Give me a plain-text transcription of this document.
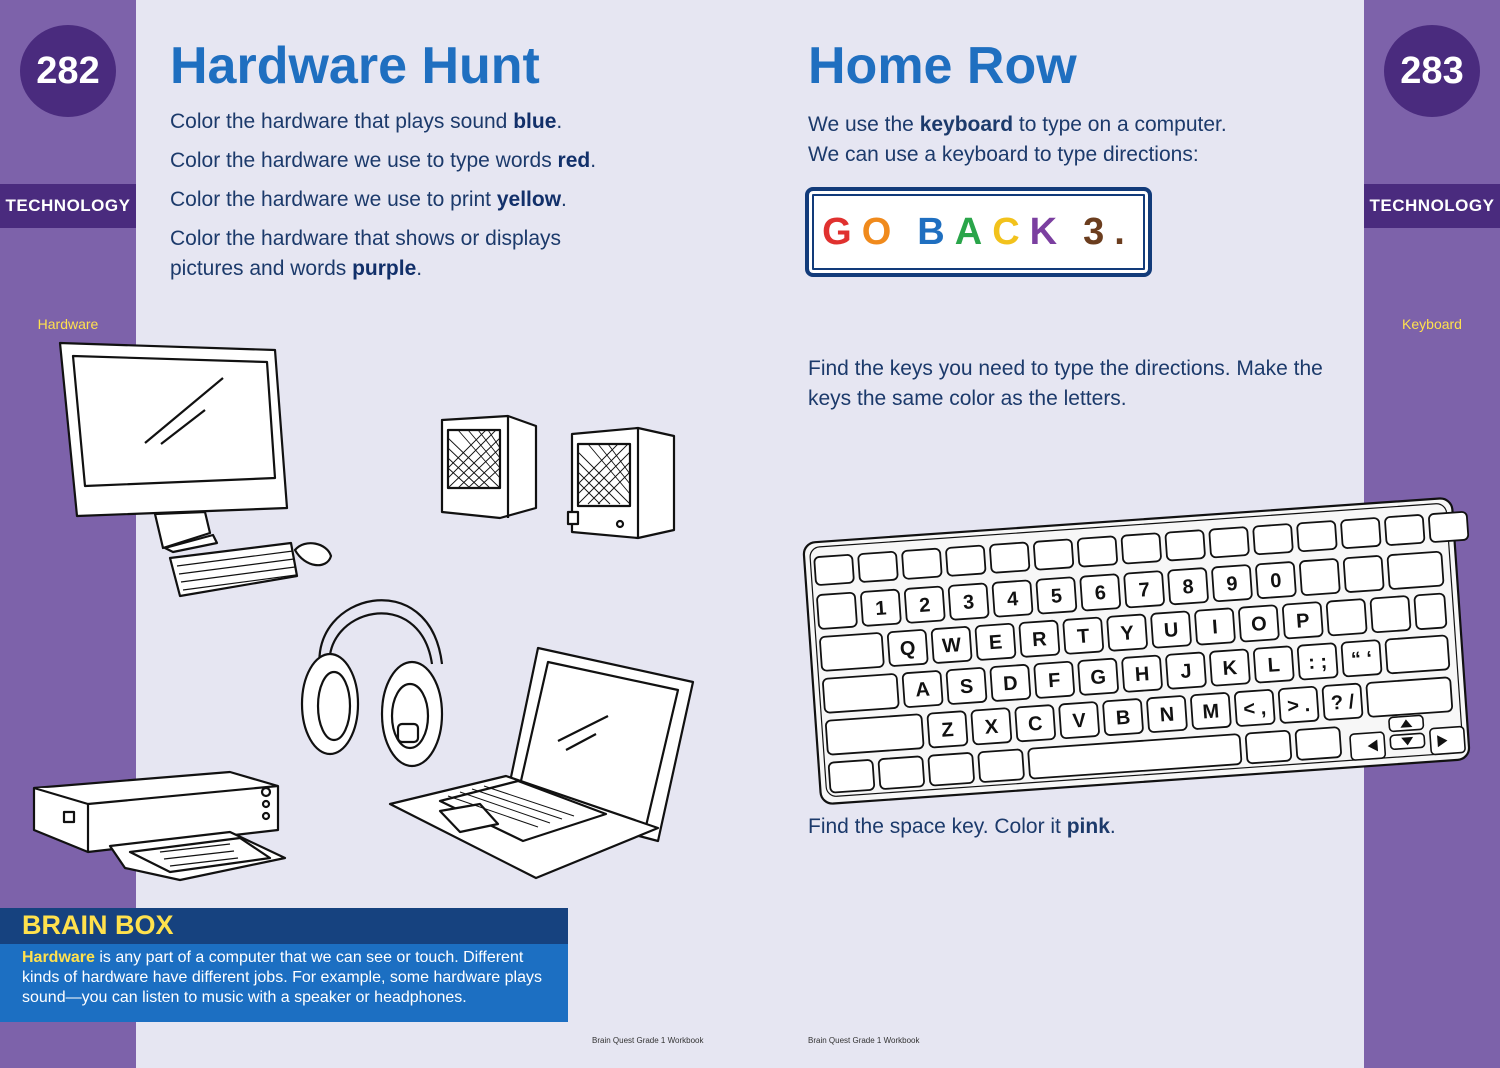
282
TECHNOLOGY
Hardware
283
TECHNOLOGY
Keyboard
Hardware Hunt
Color the hardware that plays sound blue.
Color the hardware we use to type words red.
Color the hardware we use to print yellow.
Color the hardware that shows or displays pictures and words purple.
BRAIN BOX
Hardware is any part of a computer that we can see or touch. Different kinds of hardware have different jobs. For example, some hardware plays sound—you can listen to music with a speaker or headphones.
Brain Quest Grade 1 Workbook
Home Row
We use the keyboard to type on a computer.
We can use a keyboard to type directions:
G O
B A C K
3.
Find the keys you need to type the directions. Make the keys the same color as the letters.
1 2 3 4 5 6 7 8 9 0
Q W E R T Y U I O P
A S D F G H J K L : ; “ ‘
Z X C V B N M < , > . ? /
Find the space key. Color it pink.
Brain Quest Grade 1 Workbook
